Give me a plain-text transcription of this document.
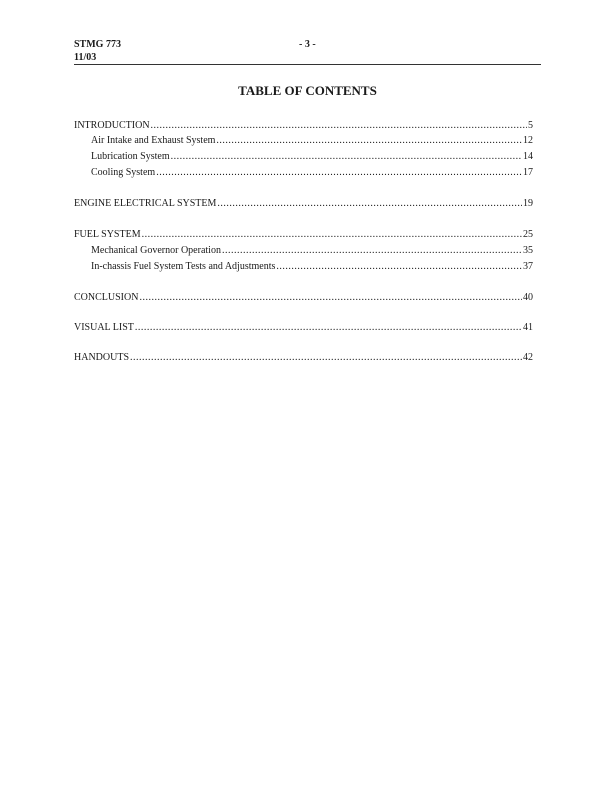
STMG 773
11/03
- 3 -
TABLE OF CONTENTS
INTRODUCTION .....	5
Air Intake and Exhaust System .....	12
Lubrication System .....	14
Cooling System .....	17
ENGINE ELECTRICAL SYSTEM .....	19
FUEL SYSTEM .....	25
Mechanical Governor Operation .....	35
In-chassis Fuel System Tests and Adjustments .....	37
CONCLUSION .....	40
VISUAL LIST .....	41
HANDOUTS .....	42
